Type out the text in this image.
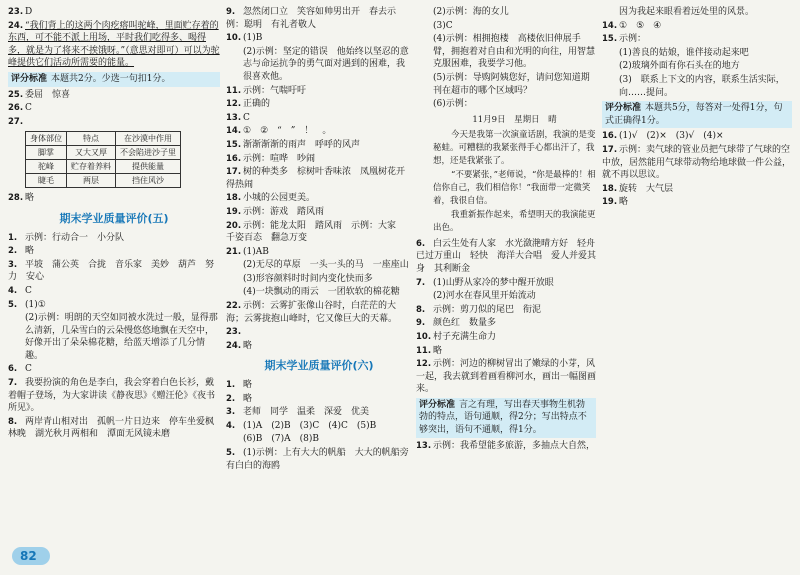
23. D
24. “我们背上的这两个肉疙瘩叫驼峰，里面贮存着的东西，可不能不派上用场，平时我们吃得多、喝得多，就是为了将来不挨饿呀。”（意思对即可）可以为驼峰提供它们活动所需要的能量。
评分标准 本题共2分。少选一句扣1分。
25. 委屈　惊喜
26. C
27.
身体部位	特点	在沙漠中作用
脚掌	又大又厚	不会陷进沙子里
驼峰	贮存着养料	提供能量
睫毛	两层	挡住风沙
28. 略
期末学业质量评价(五)
1. 示例：行动合一　小分队
2. 略
3. 平坡　蒲公英　合拢　音乐家　美妙　葫芦　努力　安心
4. C
5. (1)①
(2)示例：明朗的天空如同被水洗过一般，显得那么清新，几朵雪白的云朵慢悠悠地飘在天空中，好像开出了朵朵棉花糖，给蓝天增添了几分情趣。
6. C
7. 我要扮演的角色是李白，我会穿着白色长衫，戴着帽子登场，为大家讲读《静夜思》《赠汪伦》《夜书所见》。
8. 两岸青山相对出　孤帆一片日边来　停车坐爱枫林晚　湖光秋月两相和　潭面无风镜未磨
9. 忽然闭口立　笑容如帅男出开　春去示例：聪明　有礼者敬人
10. (1)B
(2)示例：坚定的错误　他始终以坚忍的意志与命运抗争的勇气面对遇到的困难，我很喜欢他。
11. 示例：气喘吁吁
12. 正确的
13. C
14. ①　②　“　”　！　。
15. 渐渐渐渐的雨声　呼呼的风声
16. 示例：喧哗　吵闹
17. 树的种类多　棕树叶香味浓　凤凰树花开得热闹
18. 小城的公园更美。
19. 示例：游戏　踏风雨
20. 示例：能龙太阳　踏风雨　示例：大家　千姿百态　翻急万变
21. (1)AB
(2)无尽的草原　一头一头的马　一座座山
(3)形容颜料时时间内变化快而多
(4)一块飘动的雨云　一团软软的棉花糖
22. 示例：云雾扩张像山谷时，白茫茫的大海；云雾拢抱山峰时，它又像巨大的天幕。
23.
24. 略
期末学业质量评价(六)
1. 略
2. 略
3. 老师　同学　温柔　深爱　优美
4. (1)A　(2)B　(3)C　(4)C　(5)B
(6)B　(7)A　(8)B
5. (1)示例：上有大大的帆船　大大的帆船旁有白白的海鸥
(2)示例：海的女儿
(3)C
(4)示例：相拥抱楼　高楼依旧伸展手臂，拥抱着对自由和光明的向往，用智慧克服困难，我要学习他。
(5)示例：导购阿姨您好，请问您知道期刊在超市的哪个区域吗？
(6)示例：
11月9日　 星期日　 晴

今天是我第一次演童话剧，我演的是变秘蛙。可糟糕的我紧张得手心都出汗了，我想，还是我紧张了。

“不要紧张，”老师说，“你是最棒的！相信你自己，我们相信你！”我面带一定微笑着，我很自信。

我重新振作起来，希望明天的我演能更出色。

6. 白云生处有人家　水光潋滟晴方好　轻舟已过万重山　轻快　海洋大合唱　爱人并爱其身　其利断金
7. (1)山野从家冷的梦中醒开放眼
(2)河水在春风里开始流动
8. 示例：剪刀似的尾巴　衔泥
9. 颜色红　数量多
10. 村子充满生命力
11. 略
12. 示例：河边的柳树冒出了嫩绿的小芽，风一起，我去就到着画看柳河水，画出一幅图画来。
评分标准 言之有理，写出春天事物生机勃勃的特点，语句通顺，得2分；写出特点不够突出，语句不通顺，得1分。
13. 示例：我希望能多旅游，多抽点大自然，
因为我起来眼看着远处里的风景。
14. ①　⑤　④
15. 示例：
(1)善良的姑娘，谁伴接动起来吧
(2)玻璃外面有你石头在的地方
(3)　联系上下文的内容，联系生活实际，向……提问。
评分标准 本题共5分，每答对一处得1分，句式正确得1分。
16. (1)√　(2)×　(3)√　(4)×
17. 示例：卖气球的管业员把气球带了气球的空中放，居然能用气球带动物给地球做一件公益，就不再以思议。
18. 旋转　大气层
19. 略
82
